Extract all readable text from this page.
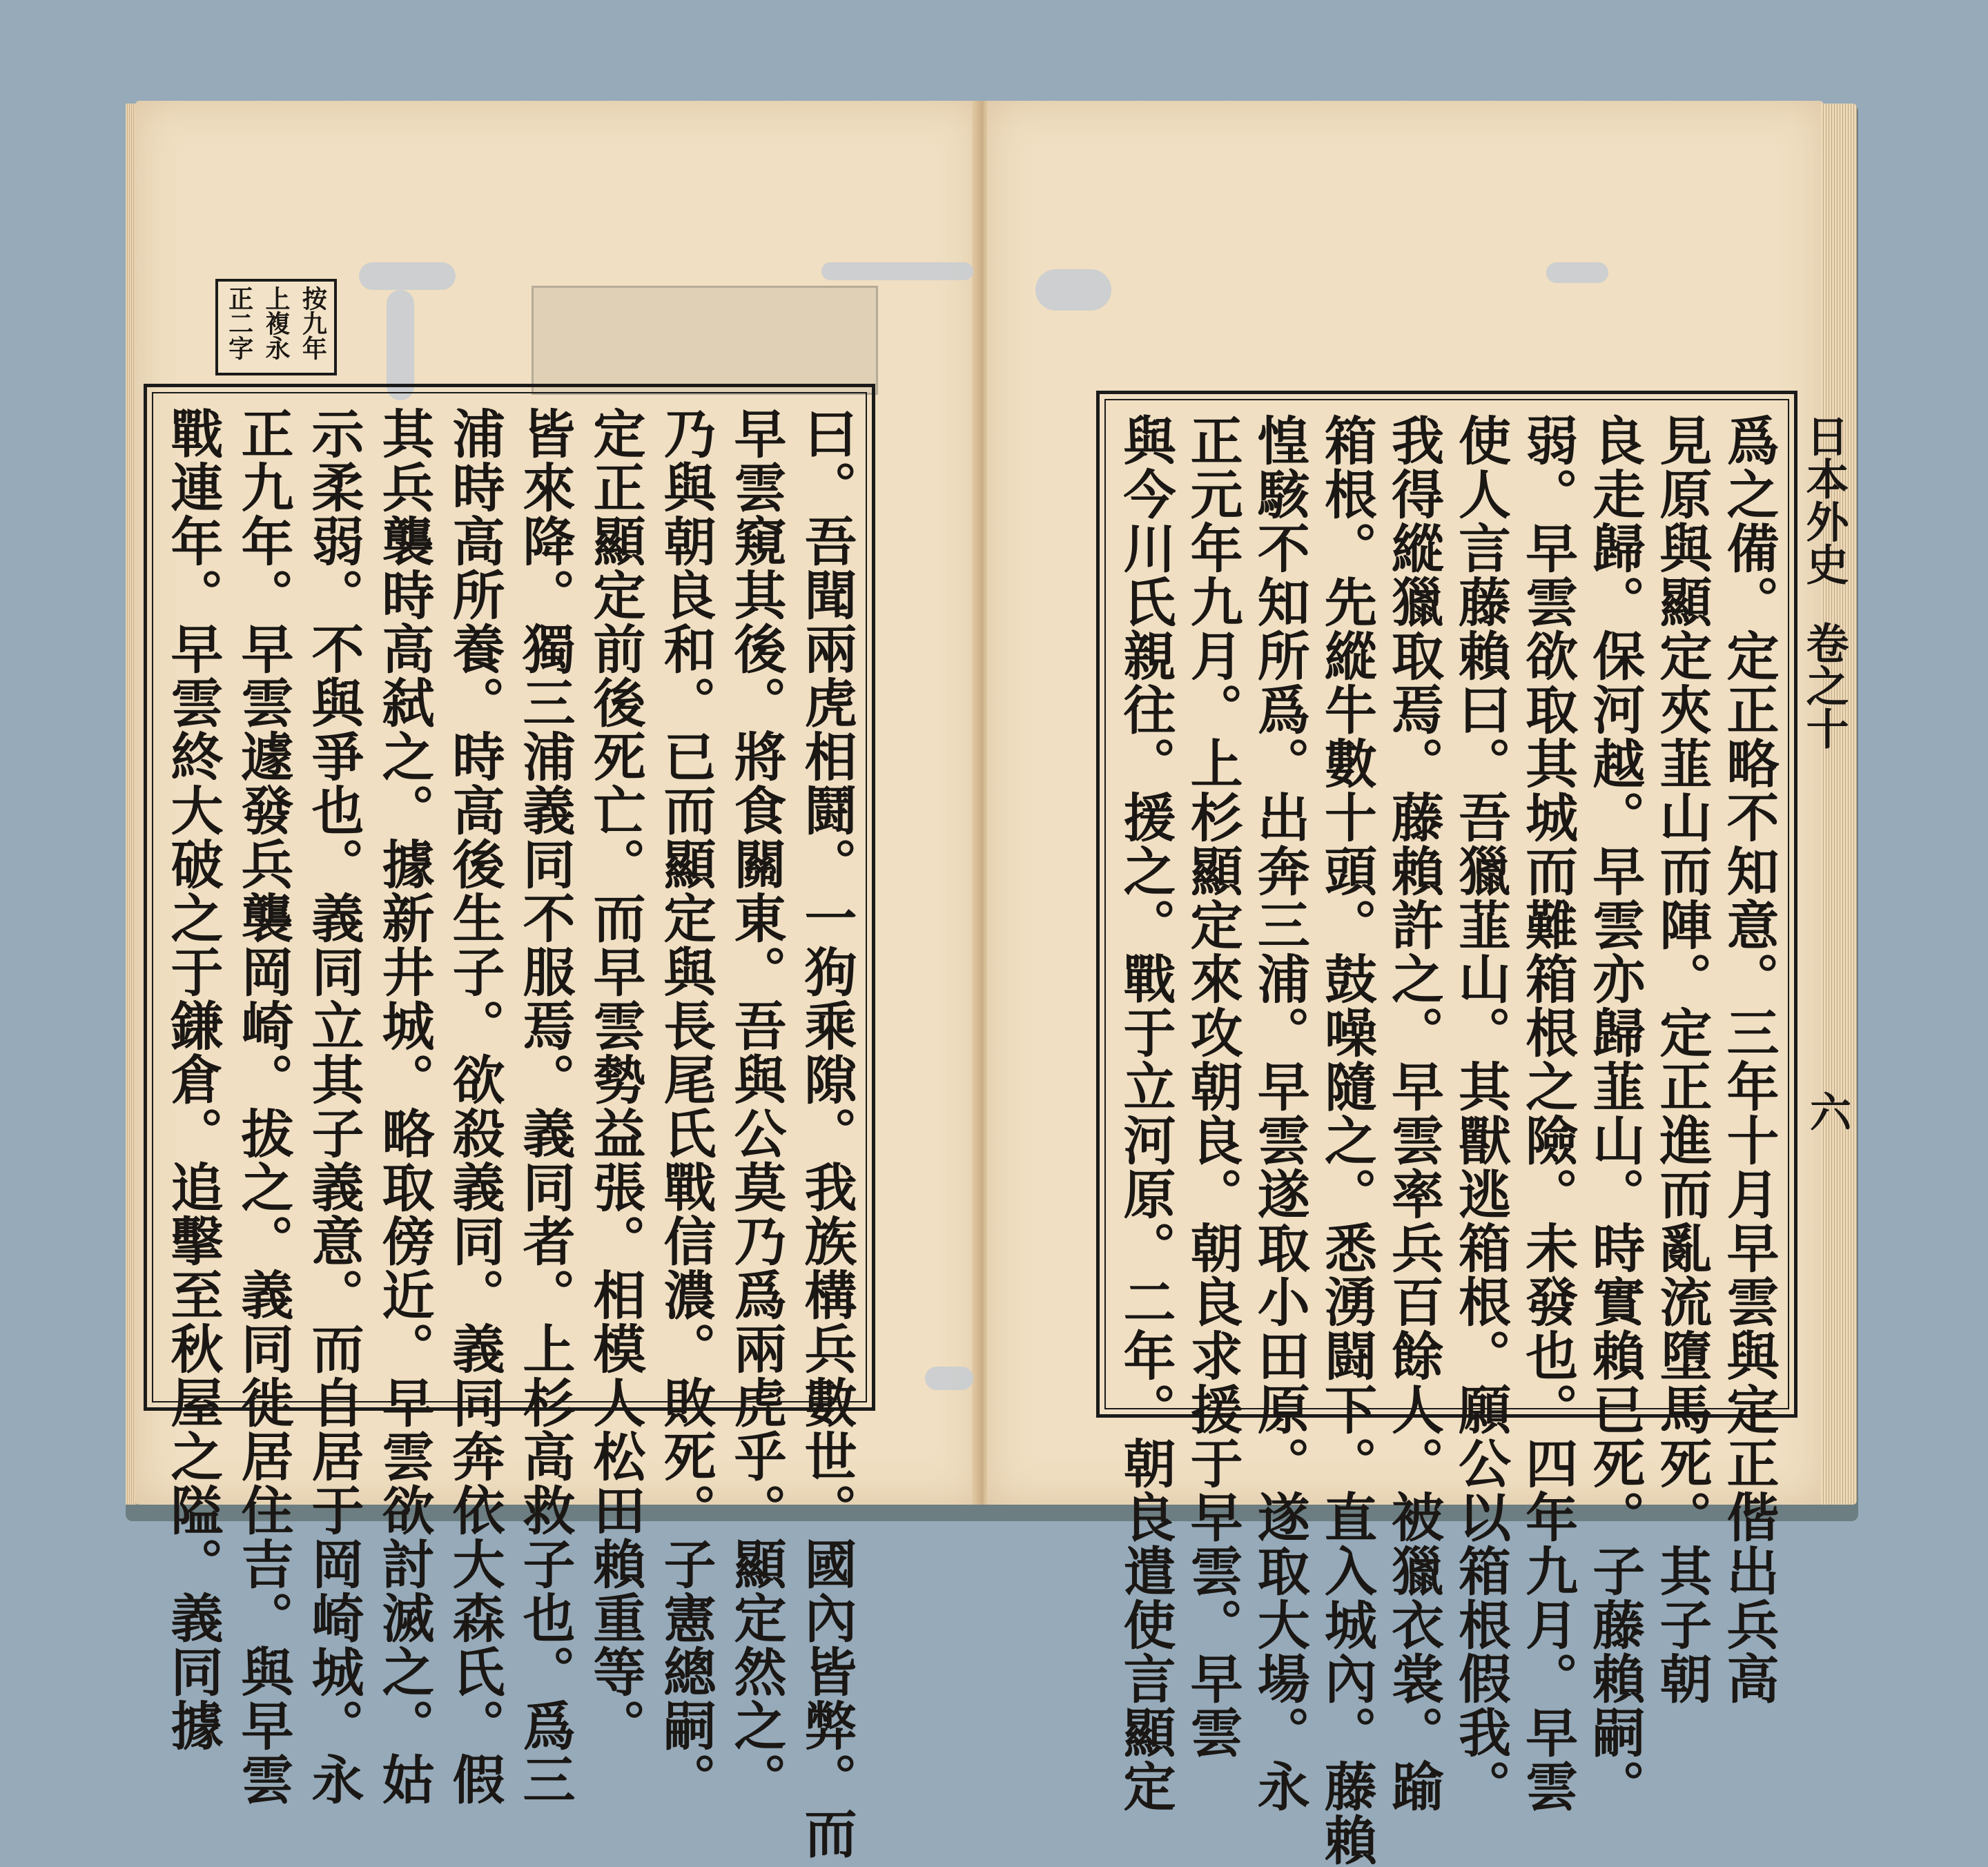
按九年
上複永
正二字
曰。吾聞兩虎相鬪。一狗乘隙。我族構兵數世。國內皆弊。而
早雲窺其後。將食關東。吾與公莫乃爲兩虎乎。顯定然之。
乃與朝良和。已而顯定與長尾氏戰信濃。敗死。子憲總嗣。
定正顯定前後死亡。而早雲勢益張。相模人松田賴重等。
皆來降。獨三浦義同不服焉。義同者。上杉高救子也。爲三
浦時高所養。時高後生子。欲殺義同。義同奔依大森氏。假
其兵襲時高弑之。據新井城。略取傍近。早雲欲討滅之。姑
示柔弱。不與爭也。義同立其子義意。而自居于岡崎城。永
正九年。早雲遽發兵襲岡崎。拔之。義同徙居住吉。與早雲
戰連年。早雲終大破之于鎌倉。追擊至秋屋之隘。義同據	爲之備。定正略不知意。三年十月早雲與定正偕出兵高
見原與顯定夾韮山而陣。定正進而亂流墮馬死。其子朝
良走歸。保河越。早雲亦歸韮山。時實賴已死。子藤賴嗣。
弱。早雲欲取其城而難箱根之險。未發也。四年九月。早雲
使人言藤賴曰。吾獵韮山。其獸逃箱根。願公以箱根假我。
我得縱獵取焉。藤賴許之。早雲率兵百餘人。被獵衣裳。踰
箱根。先縱牛數十頭。鼓噪隨之。悉湧闘下。直入城內。藤賴
惶駭不知所爲。出奔三浦。早雲遂取小田原。遂取大場。永
正元年九月。上杉顯定來攻朝良。朝良求援于早雲。早雲
與今川氏親往。援之。戰于立河原。二年。朝良遣使言顯定	日本外史
卷之十
六
